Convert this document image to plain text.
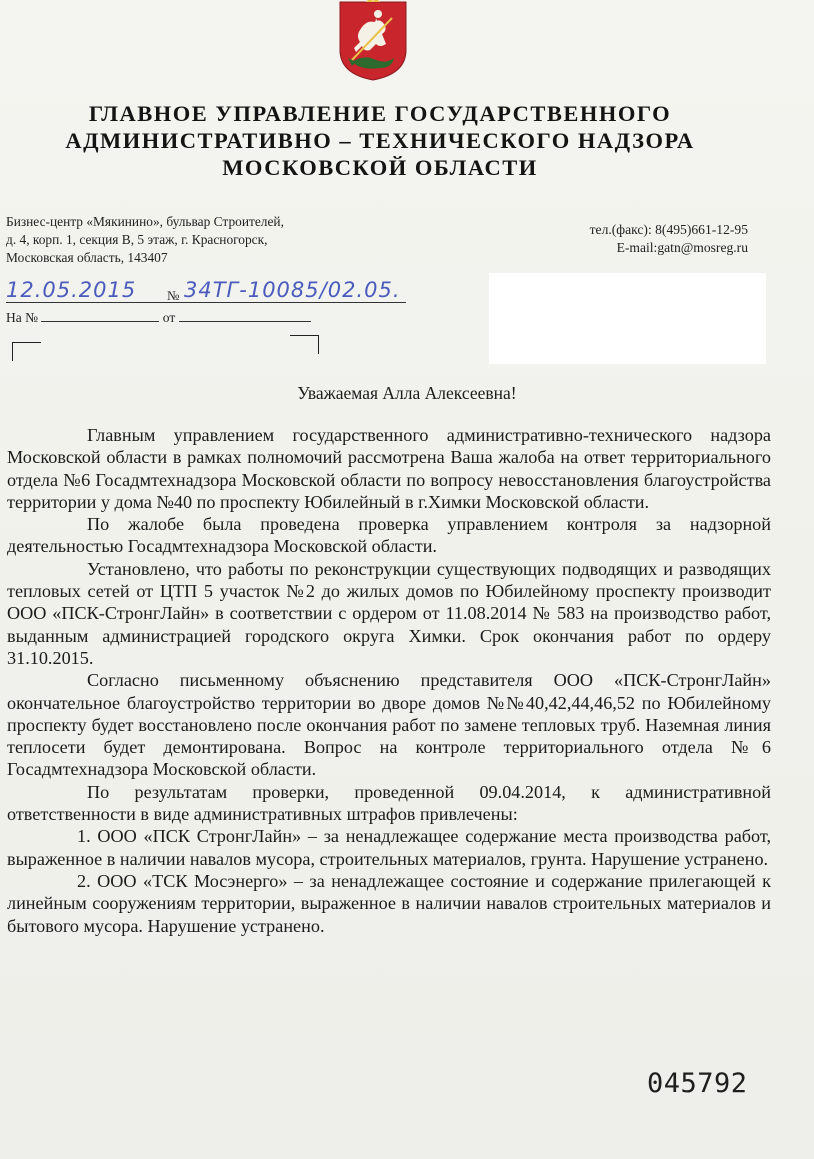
ГЛАВНОЕ УПРАВЛЕНИЕ ГОСУДАРСТВЕННОГО
АДМИНИСТРАТИВНО – ТЕХНИЧЕСКОГО НАДЗОРА
МОСКОВСКОЙ ОБЛАСТИ

Бизнес-центр «Мякинино», бульвар Строителей,
д. 4, корп. 1, секция В, 5 этаж, г. Красногорск,
Московская область, 143407
тел.(факс): 8(495)661-12-95
E-mail:gatn@mosreg.ru
12.05.2015 № 34ТГ-10085/02.05.
На №	от
Уважаемая Алла Алексеевна!

Главным управлением государственного административно-технического надзора Московской области в рамках полномочий рассмотрена Ваша жалоба на ответ территориального отдела №6 Госадмтехнадзора Московской области по вопросу невосстановления благоустройства территории у дома №40 по проспекту Юбилейный в г.Химки Московской области.

По жалобе была проведена проверка управлением контроля за надзорной деятельностью Госадмтехнадзора Московской области.

Установлено, что работы по реконструкции существующих подводящих и разводящих тепловых сетей от ЦТП 5 участок №2 до жилых домов по Юбилейному проспекту производит ООО «ПСК-СтронгЛайн» в соответствии с ордером от 11.08.2014 № 583 на производство работ, выданным администрацией городского округа Химки. Срок окончания работ по ордеру 31.10.2015.

Согласно письменному объяснению представителя ООО «ПСК-СтронгЛайн» окончательное благоустройство территории во дворе домов №№40,42,44,46,52 по Юбилейному проспекту будет восстановлено после окончания работ по замене тепловых труб. Наземная линия теплосети будет демонтирована. Вопрос на контроле территориального отдела №6 Госадмтехнадзора Московской области.

По результатам проверки, проведенной 09.04.2014, к административной ответственности в виде административных штрафов привлечены:

1. ООО «ПСК СтронгЛайн» – за ненадлежащее содержание места производства работ, выраженное в наличии навалов мусора, строительных материалов, грунта. Нарушение устранено.

2. ООО «ТСК Мосэнерго» – за ненадлежащее состояние и содержание прилегающей к линейным сооружениям территории, выраженное в наличии навалов строительных материалов и бытового мусора. Нарушение устранено.

045792
